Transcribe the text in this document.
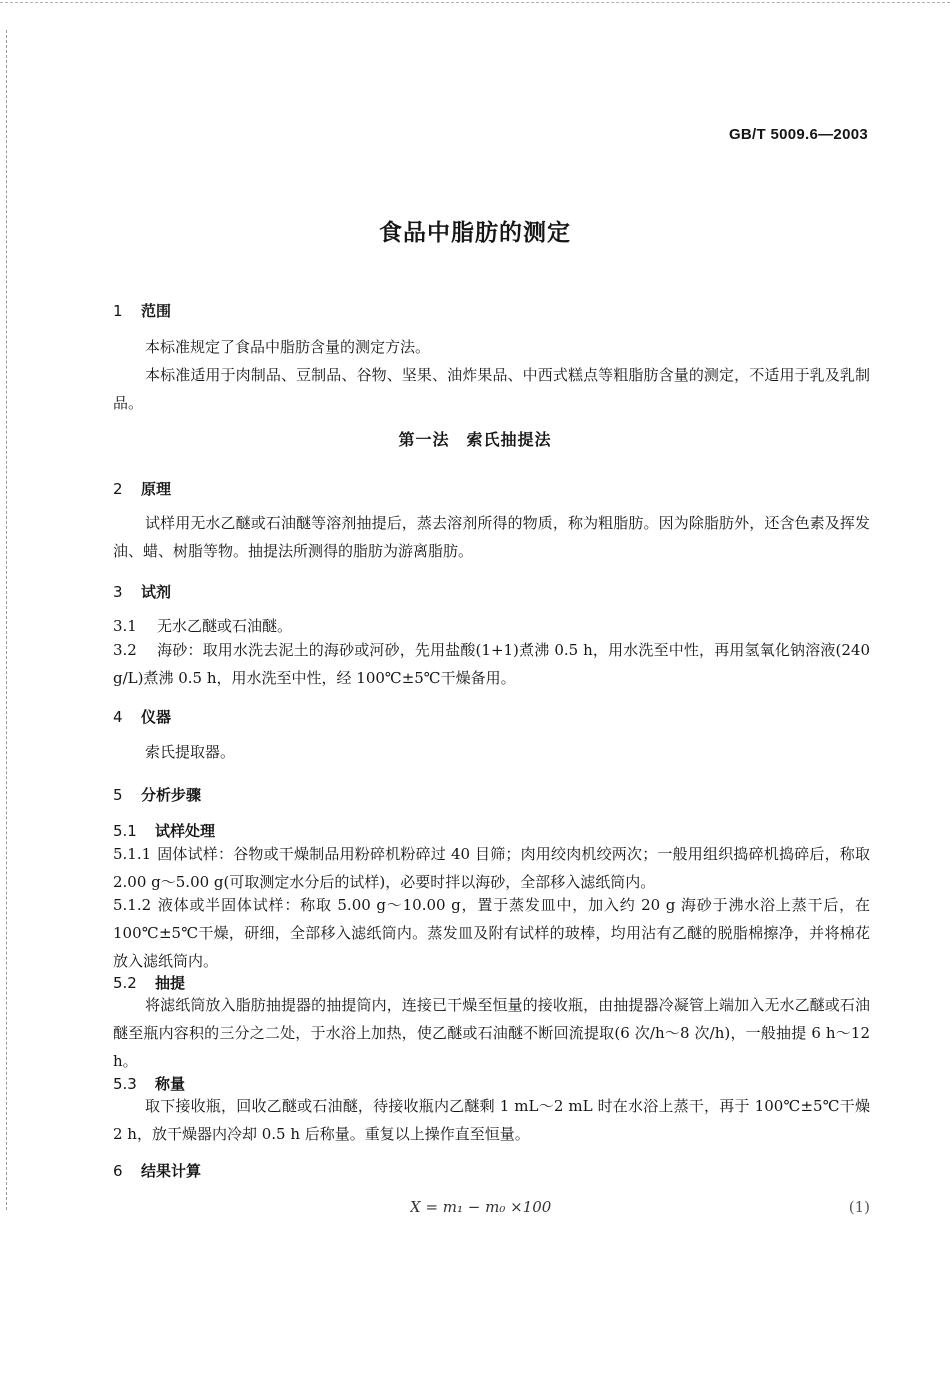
GB/T 5009.6—2003
食品中脂肪的测定
1 范围
本标准规定了食品中脂肪含量的测定方法。
本标准适用于肉制品、豆制品、谷物、坚果、油炸果品、中西式糕点等粗脂肪含量的测定，不适用于乳及乳制品。
第一法　索氏抽提法
2 原理
试样用无水乙醚或石油醚等溶剂抽提后，蒸去溶剂所得的物质，称为粗脂肪。因为除脂肪外，还含色素及挥发油、蜡、树脂等物。抽提法所测得的脂肪为游离脂肪。
3 试剂
3.1 无水乙醚或石油醚。
3.2 海砂：取用水洗去泥土的海砂或河砂，先用盐酸(1+1)煮沸 0.5 h，用水洗至中性，再用氢氧化钠溶液(240 g/L)煮沸 0.5 h，用水洗至中性，经 100℃±5℃干燥备用。
4 仪器
索氏提取器。
5 分析步骤
5.1 试样处理
5.1.1 固体试样：谷物或干燥制品用粉碎机粉碎过 40 目筛；肉用绞肉机绞两次；一般用组织捣碎机捣碎后，称取 2.00 g～5.00 g(可取测定水分后的试样)，必要时拌以海砂，全部移入滤纸筒内。
5.1.2 液体或半固体试样：称取 5.00 g～10.00 g，置于蒸发皿中，加入约 20 g 海砂于沸水浴上蒸干后，在 100℃±5℃干燥，研细，全部移入滤纸筒内。蒸发皿及附有试样的玻棒，均用沾有乙醚的脱脂棉擦净，并将棉花放入滤纸筒内。
5.2 抽提
将滤纸筒放入脂肪抽提器的抽提筒内，连接已干燥至恒量的接收瓶，由抽提器冷凝管上端加入无水乙醚或石油醚至瓶内容积的三分之二处，于水浴上加热，使乙醚或石油醚不断回流提取(6 次/h～8 次/h)，一般抽提 6 h～12 h。
5.3 称量
取下接收瓶，回收乙醚或石油醚，待接收瓶内乙醚剩 1 mL～2 mL 时在水浴上蒸干，再于 100℃±5℃干燥 2 h，放干燥器内冷却 0.5 h 后称量。重复以上操作直至恒量。
6 结果计算
X = m₁ − m₀ ×100	(1)
